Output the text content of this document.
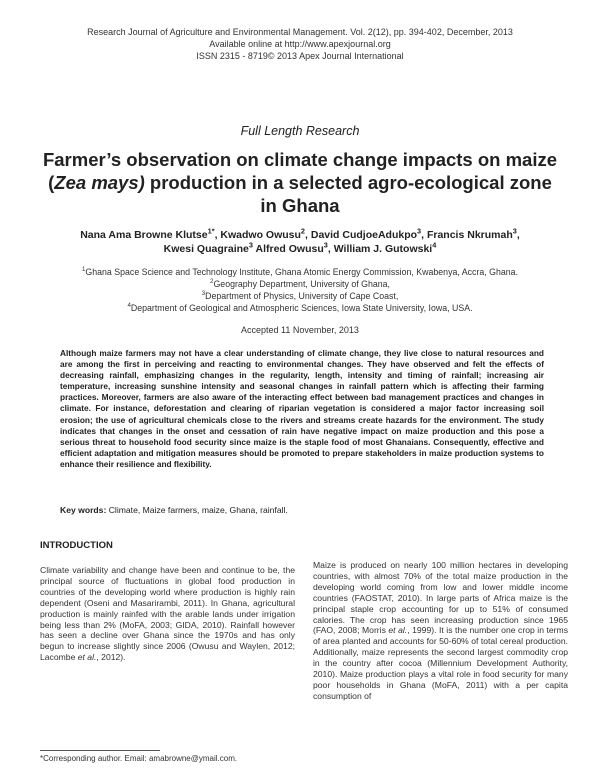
Research Journal of Agriculture and Environmental Management. Vol. 2(12), pp. 394-402, December, 2013
Available online at http://www.apexjournal.org
ISSN 2315 - 8719© 2013 Apex Journal International
Full Length Research
Farmer’s observation on climate change impacts on maize (Zea mays) production in a selected agro-ecological zone in Ghana
Nana Ama Browne Klutse$^{1*}$, Kwadwo Owusu$^2$, David CudjoeAdukpo$^3$, Francis Nkrumah$^3$,
Kwesi Quagraine$^3$ Alfred Owusu$^3$, William J. Gutowski$^4$
$^1$Ghana Space Science and Technology Institute, Ghana Atomic Energy Commission, Kwabenya, Accra, Ghana.
$^2$Geography Department, University of Ghana,
$^3$Department of Physics, University of Cape Coast,
$^4$Department of Geological and Atmospheric Sciences, Iowa State University, Iowa, USA.
Accepted 11 November, 2013
Although maize farmers may not have a clear understanding of climate change, they live close to natural resources and are among the first in perceiving and reacting to environmental changes. They have observed and felt the effects of decreasing rainfall, emphasizing changes in the regularity, length, intensity and timing of rainfall; increasing air temperature, increasing sunshine intensity and seasonal changes in rainfall pattern which is affecting their farming practices. Moreover, farmers are also aware of the interacting effect between bad management practices and changes in climate. For instance, deforestation and clearing of riparian vegetation is considered a major factor increasing soil erosion; the use of agricultural chemicals close to the rivers and streams create hazards for the environment. The study indicates that changes in the onset and cessation of rain have negative impact on maize production and this pose a serious threat to household food security since maize is the staple food of most Ghanaians. Consequently, effective and efficient adaptation and mitigation measures should be promoted to prepare stakeholders in maize production systems to enhance their resilience and flexibility.
Key words: Climate, Maize farmers, maize, Ghana, rainfall.
INTRODUCTION
Climate variability and change have been and continue to be, the principal source of fluctuations in global food production in countries of the developing world where production is highly rain dependent (Oseni and Masarirambi, 2011). In Ghana, agricultural production is mainly rainfed with the arable lands under irrigation being less than 2% (MoFA, 2003; GIDA, 2010). Rainfall however has seen a decline over Ghana since the 1970s and has only begun to increase slightly since 2006 (Owusu and Waylen, 2012; Lacombe et al., 2012).
Maize is produced on nearly 100 million hectares in developing countries, with almost 70% of the total maize production in the developing world coming from low and lower middle income countries (FAOSTAT, 2010). In large parts of Africa maize is the principal staple crop accounting for up to 51% of consumed calories. The crop has seen increasing production since 1965 (FAO, 2008; Morris et al., 1999). It is the number one crop in terms of area planted and accounts for 50-60% of total cereal production. Additionally, maize represents the second largest commodity crop in the country after cocoa (Millennium Development Authority, 2010). Maize production plays a vital role in food security for many poor households in Ghana (MoFA, 2011) with a per capita consumption of
*Corresponding author. Email: amabrowne@ymail.com.
